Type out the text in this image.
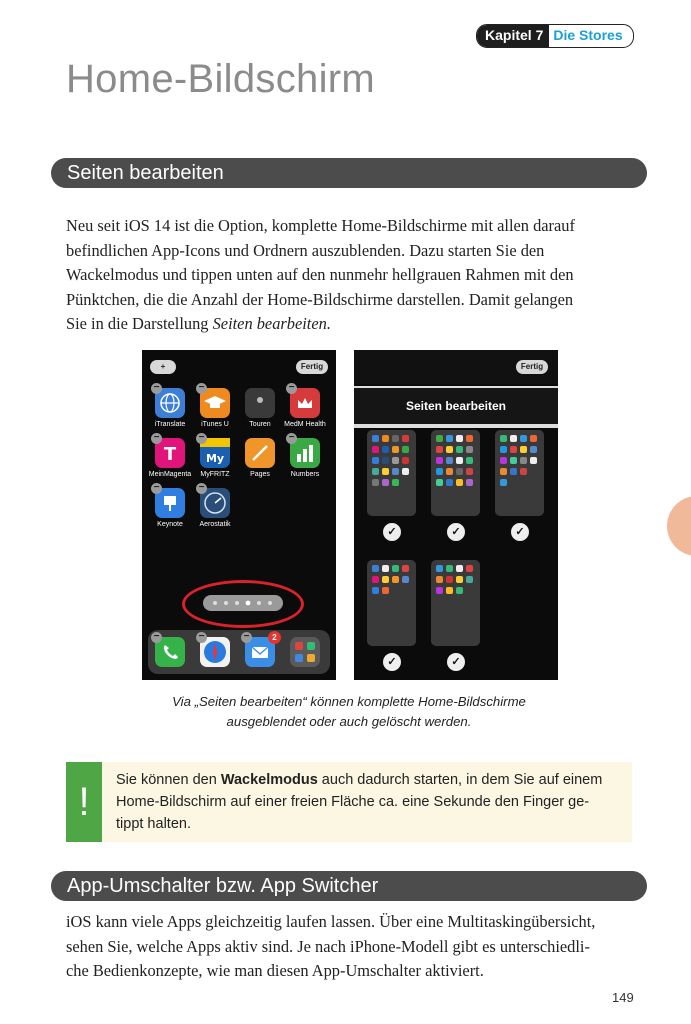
Kapitel 7 Die Stores
Home-Bildschirm
Seiten bearbeiten
Neu seit iOS 14 ist die Option, komplette Home-Bildschirme mit allen darauf
befindlichen App-Icons und Ordnern auszublenden. Dazu starten Sie den
Wackelmodus und tippen unten auf den nunmehr hellgrauen Rahmen mit den
Pünktchen, die die Anzahl der Home-Bildschirme darstellen. Damit gelangen
Sie in die Darstellung Seiten bearbeiten.
+	Fertig
−
iTranslate
−
iTunes U	Touren
−
MedM Health
T
−
MeinMagenta
My
−
MyFRITZ	Pages
−
Numbers
−
Keynote
−
Aerostatik
−	−	2
−
Fertig
Seiten bearbeiten
✓	✓	✓
✓	✓
Via „Seiten bearbeiten“ können komplette Home-Bildschirme
ausgeblendet oder auch gelöscht werden.
!	Sie können den Wackelmodus auch dadurch starten, in dem Sie auf einem
Home-Bildschirm auf einer freien Fläche ca. eine Sekunde den Finger ge-
tippt halten.
App-Umschalter bzw. App Switcher
iOS kann viele Apps gleichzeitig laufen lassen. Über eine Multitaskingübersicht,
sehen Sie, welche Apps aktiv sind. Je nach iPhone-Modell gibt es unterschiedli-
che Bedienkonzepte, wie man diesen App-Umschalter aktiviert.
149
